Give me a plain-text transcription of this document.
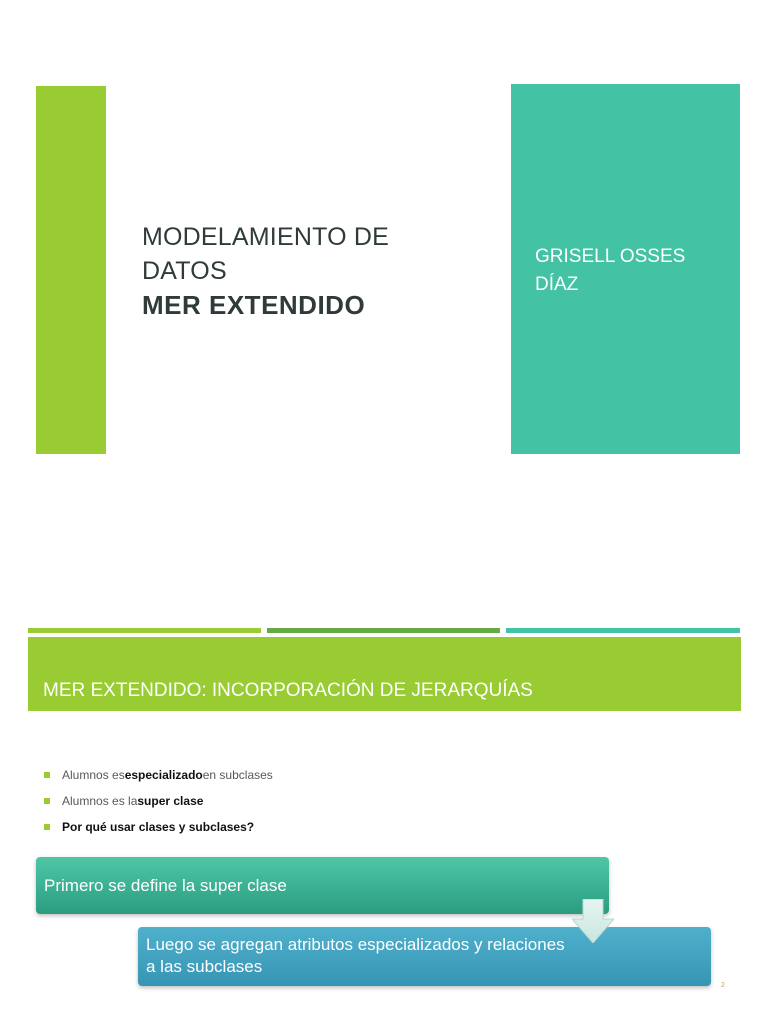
MODELAMIENTO DE
DATOS
MER EXTENDIDO
GRISELL OSSES
DÍAZ
MER EXTENDIDO: INCORPORACIÓN DE JERARQUÍAS
Alumnos es especializado en subclases
Alumnos es la super clase
Por qué usar clases y subclases?
Primero se define la super clase
Luego se agregan atributos especializados y relaciones a las subclases
2
